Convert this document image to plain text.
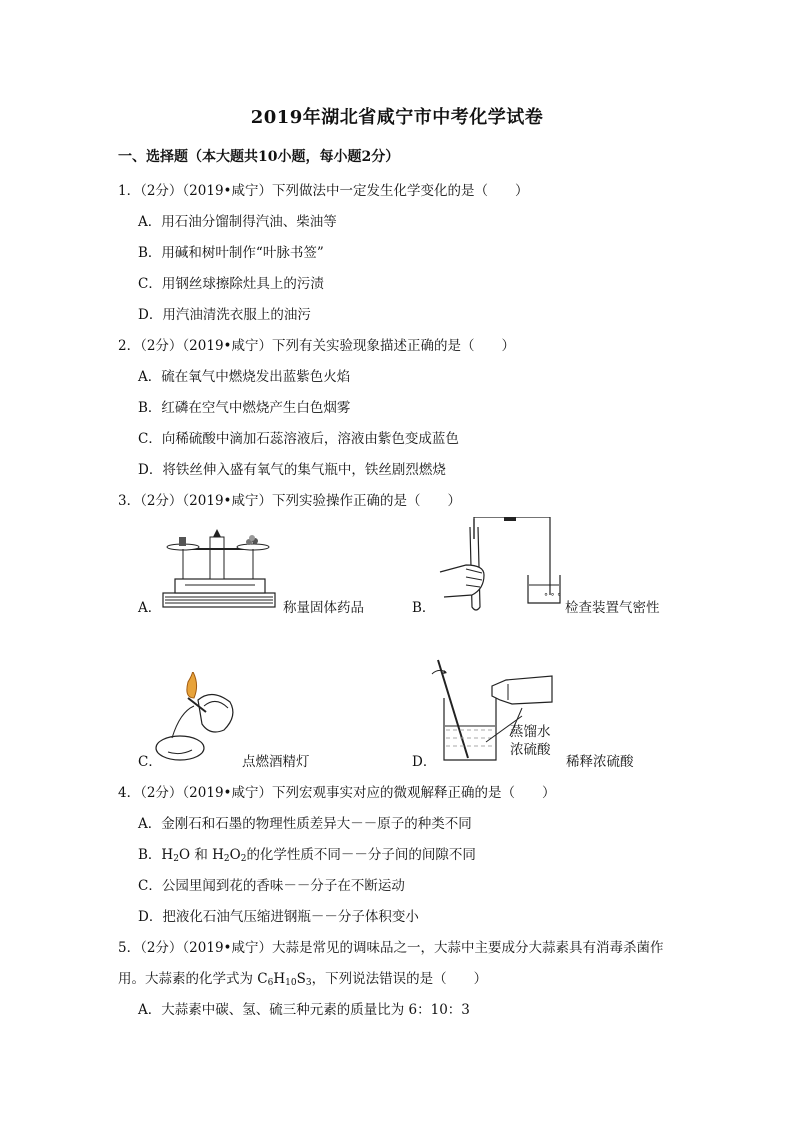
2019年湖北省咸宁市中考化学试卷
一、选择题（本大题共10小题，每小题2分）
1．（2分）（2019•咸宁）下列做法中一定发生化学变化的是（　　）
A．用石油分馏制得汽油、柴油等
B．用碱和树叶制作“叶脉书签”
C．用钢丝球擦除灶具上的污渍
D．用汽油清洗衣服上的油污
2．（2分）（2019•咸宁）下列有关实验现象描述正确的是（　　）
A．硫在氧气中燃烧发出蓝紫色火焰
B．红磷在空气中燃烧产生白色烟雾
C．向稀硫酸中滴加石蕊溶液后，溶液由紫色变成蓝色
D．将铁丝伸入盛有氧气的集气瓶中，铁丝剧烈燃烧
3．（2分）（2019•咸宁）下列实验操作正确的是（　　）
A．	称量固体药品	B．
° ° °
检查装置气密性
C．	点燃酒精灯	D．
蒸馏水
浓硫酸
稀释浓硫酸
4．（2分）（2019•咸宁）下列宏观事实对应的微观解释正确的是（　　）
A．金刚石和石墨的物理性质差异大－－原子的种类不同
B．$H_2O$ 和 $H_2O_2$的化学性质不同－－分子间的间隙不同
C．公园里闻到花的香味－－分子在不断运动
D．把液化石油气压缩进钢瓶－－分子体积变小
5．（2分）（2019•咸宁）大蒜是常见的调味品之一，大蒜中主要成分大蒜素具有消毒杀菌作
用。大蒜素的化学式为 $C_6H_{10}S_3$，下列说法错误的是（　　）
A．大蒜素中碳、氢、硫三种元素的质量比为 6：10：3
